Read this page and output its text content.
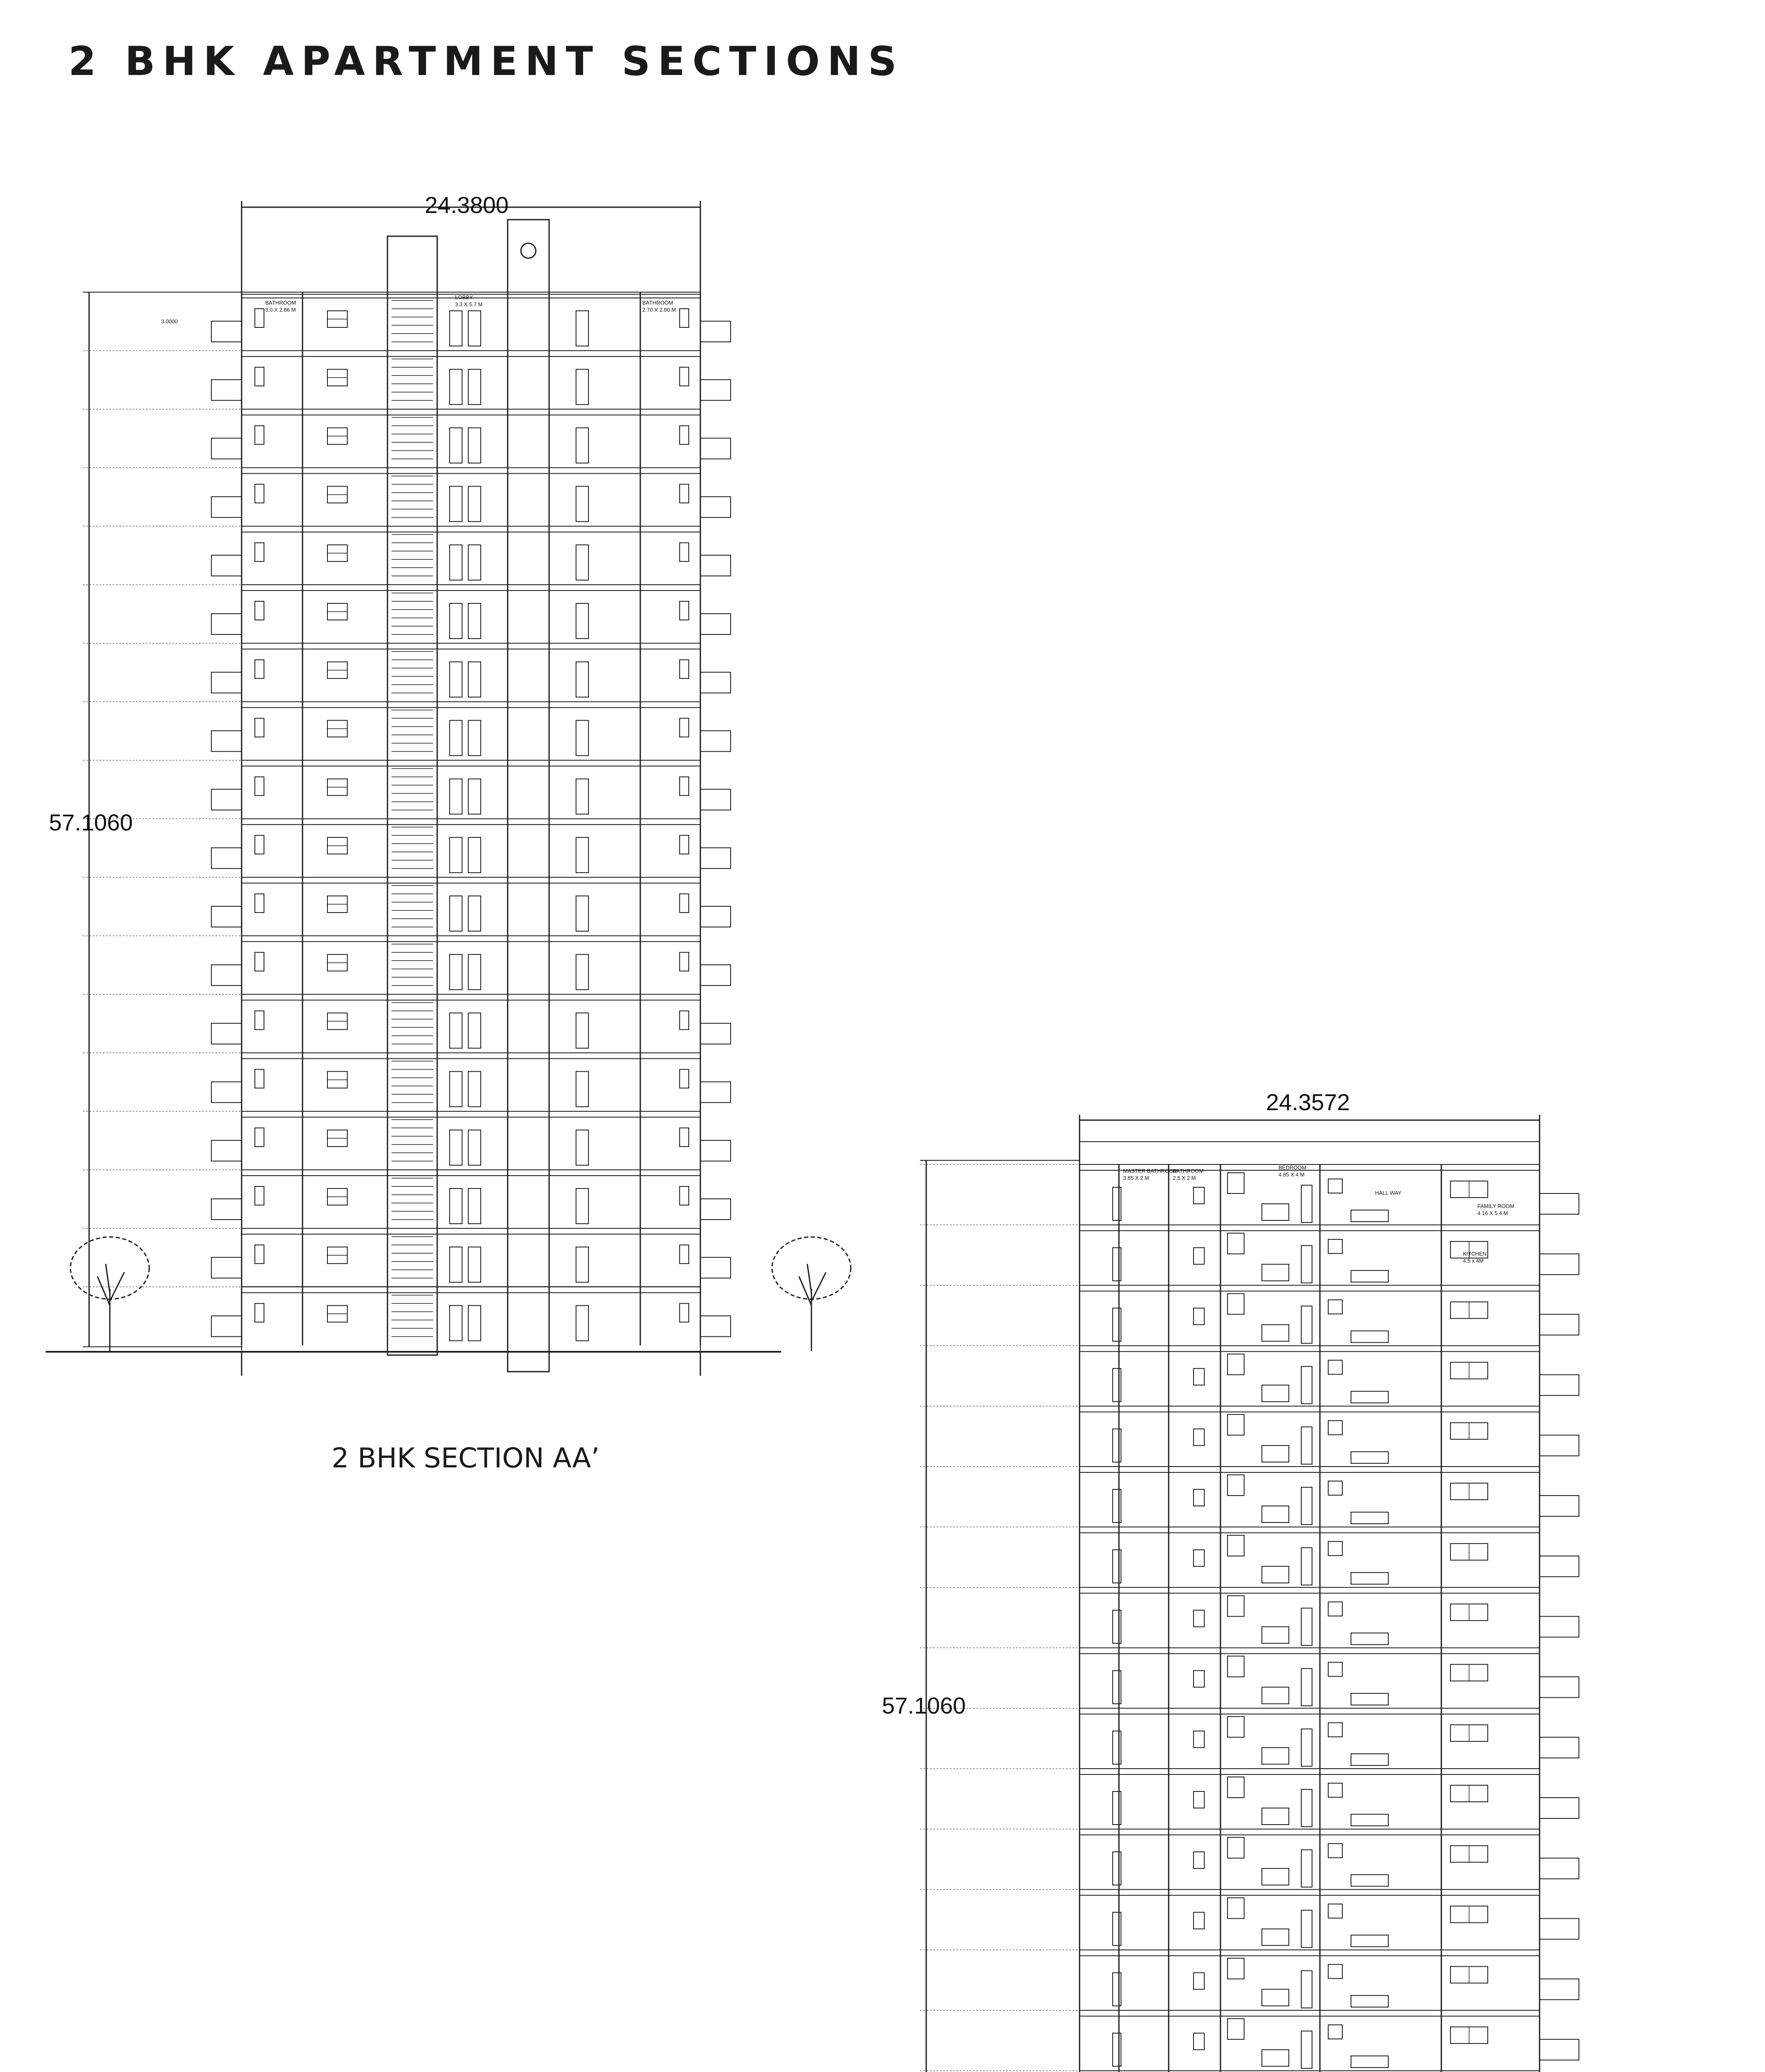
2 BHK APARTMENT SECTIONS
BATHROOM
3.0 X 2.86 M
LOBBY
3.3 X 5.7 M	BATHROOM
2.70 X 2.80 M
3.0000
MASTER BATHROOM
3.85 X 2 M
BATHROOM
2.5 X 2 M
BEDROOM
4.85 X 4 M
HALL WAY
FAMILY ROOM
4.16 X 5.4 M
KITCHEN
4.5 x 4M
24.3800
57.1060
2 BHK SECTION AA’
24.3572
57.1060
